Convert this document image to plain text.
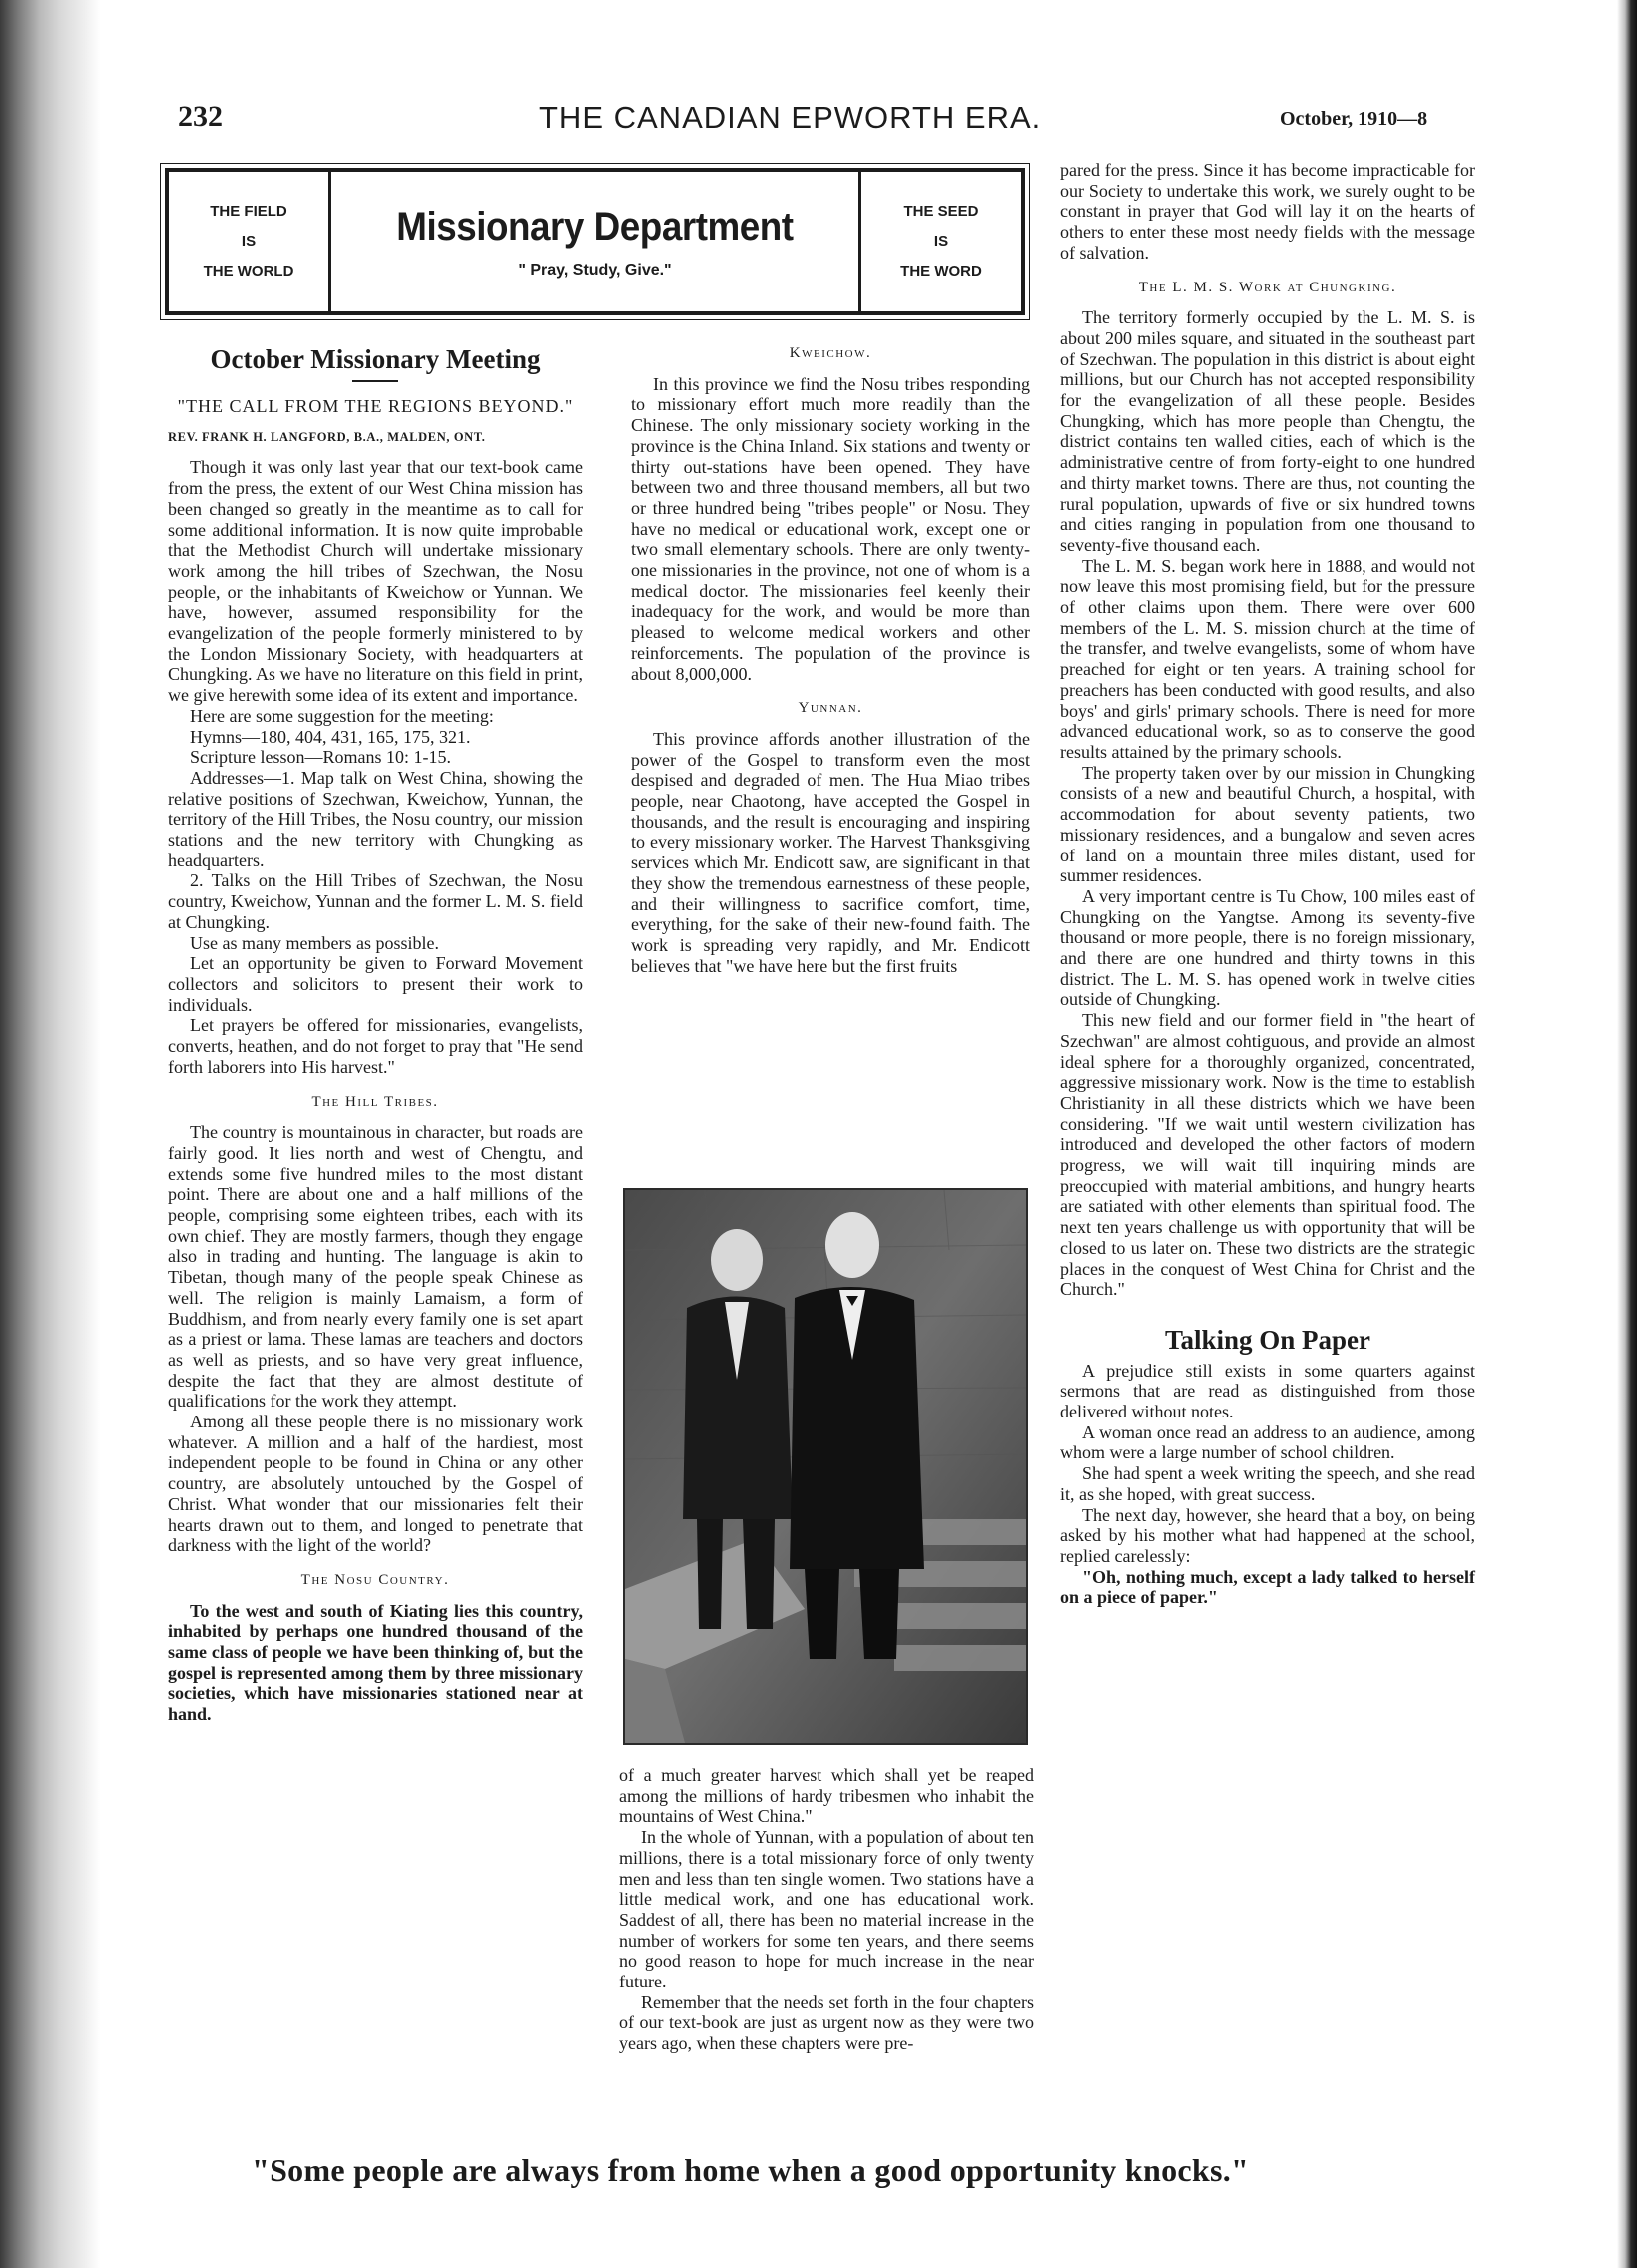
232	THE CANADIAN EPWORTH ERA.	October, 1910—8
THE FIELD
IS
THE WORLD
Missionary Department
" Pray, Study, Give."
THE SEED
IS
THE WORD
October Missionary Meeting
"THE CALL FROM THE REGIONS BEYOND."
REV. FRANK H. LANGFORD, B.A., MALDEN, ONT.

Though it was only last year that our text-book came from the press, the extent of our West China mission has been changed so greatly in the meantime as to call for some additional information. It is now quite improbable that the Methodist Church will undertake missionary work among the hill tribes of Szechwan, the Nosu people, or the inhabitants of Kweichow or Yunnan. We have, however, assumed responsibility for the evangelization of the people formerly ministered to by the London Missionary Society, with headquarters at Chungking. As we have no literature on this field in print, we give herewith some idea of its extent and importance.

Here are some suggestion for the meeting:

Hymns—180, 404, 431, 165, 175, 321.

Scripture lesson—Romans 10: 1-15.

Addresses—1. Map talk on West China, showing the relative positions of Szechwan, Kweichow, Yunnan, the territory of the Hill Tribes, the Nosu country, our mission stations and the new territory with Chungking as headquarters.

2. Talks on the Hill Tribes of Szechwan, the Nosu country, Kweichow, Yunnan and the former L. M. S. field at Chungking.

Use as many members as possible.

Let an opportunity be given to Forward Movement collectors and solicitors to present their work to individuals.

Let prayers be offered for missionaries, evangelists, converts, heathen, and do not forget to pray that "He send forth laborers into His harvest."

The Hill Tribes.

The country is mountainous in character, but roads are fairly good. It lies north and west of Chengtu, and extends some five hundred miles to the most distant point. There are about one and a half millions of the people, comprising some eighteen tribes, each with its own chief. They are mostly farmers, though they engage also in trading and hunting. The language is akin to Tibetan, though many of the people speak Chinese as well. The religion is mainly Lamaism, a form of Buddhism, and from nearly every family one is set apart as a priest or lama. These lamas are teachers and doctors as well as priests, and so have very great influence, despite the fact that they are almost destitute of qualifications for the work they attempt.

Among all these people there is no missionary work whatever. A million and a half of the hardiest, most independent people to be found in China or any other country, are absolutely untouched by the Gospel of Christ. What wonder that our missionaries felt their hearts drawn out to them, and longed to penetrate that darkness with the light of the world?

The Nosu Country.

To the west and south of Kiating lies this country, inhabited by perhaps one hundred thousand of the same class of people we have been thinking of, but the gospel is represented among them by three missionary societies, which have missionaries stationed near at hand.

Kweichow.

In this province we find the Nosu tribes responding to missionary effort much more readily than the Chinese. The only missionary society working in the province is the China Inland. Six stations and twenty or thirty out-stations have been opened. They have between two and three thousand members, all but two or three hundred being "tribes people" or Nosu. They have no medical or educational work, except one or two small elementary schools. There are only twenty-one missionaries in the province, not one of whom is a medical doctor. The missionaries feel keenly their inadequacy for the work, and would be more than pleased to welcome medical workers and other reinforcements. The population of the province is about 8,000,000.

Yunnan.

This province affords another illustration of the power of the Gospel to transform even the most despised and degraded of men. The Hua Miao tribes people, near Chaotong, have accepted the Gospel in thousands, and the result is encouraging and inspiring to every missionary worker. The Harvest Thanksgiving services which Mr. Endicott saw, are significant in that they show the tremendous earnestness of these people, and their willingness to sacrifice comfort, time, everything, for the sake of their new-found faith. The work is spreading very rapidly, and Mr. Endicott believes that "we have here but the first fruits

of a much greater harvest which shall yet be reaped among the millions of hardy tribesmen who inhabit the mountains of West China."

In the whole of Yunnan, with a population of about ten millions, there is a total missionary force of only twenty men and less than ten single women. Two stations have a little medical work, and one has educational work. Saddest of all, there has been no material increase in the number of workers for some ten years, and there seems no good reason to hope for much increase in the near future.

Remember that the needs set forth in the four chapters of our text-book are just as urgent now as they were two years ago, when these chapters were pre-

pared for the press. Since it has become impracticable for our Society to undertake this work, we surely ought to be constant in prayer that God will lay it on the hearts of others to enter these most needy fields with the message of salvation.

The L. M. S. Work at Chungking.

The territory formerly occupied by the L. M. S. is about 200 miles square, and situated in the southeast part of Szechwan. The population in this district is about eight millions, but our Church has not accepted responsibility for the evangelization of all these people. Besides Chungking, which has more people than Chengtu, the district contains ten walled cities, each of which is the administrative centre of from forty-eight to one hundred and thirty market towns. There are thus, not counting the rural population, upwards of five or six hundred towns and cities ranging in population from one thousand to seventy-five thousand each.

The L. M. S. began work here in 1888, and would not now leave this most promising field, but for the pressure of other claims upon them. There were over 600 members of the L. M. S. mission church at the time of the transfer, and twelve evangelists, some of whom have preached for eight or ten years. A training school for preachers has been conducted with good results, and also boys' and girls' primary schools. There is need for more advanced educational work, so as to conserve the good results attained by the primary schools.

The property taken over by our mission in Chungking consists of a new and beautiful Church, a hospital, with accommodation for about seventy patients, two missionary residences, and a bungalow and seven acres of land on a mountain three miles distant, used for summer residences.

A very important centre is Tu Chow, 100 miles east of Chungking on the Yangtse. Among its seventy-five thousand or more people, there is no foreign missionary, and there are one hundred and thirty towns in this district. The L. M. S. has opened work in twelve cities outside of Chungking.

This new field and our former field in "the heart of Szechwan" are almost cohtiguous, and provide an almost ideal sphere for a thoroughly organized, concentrated, aggressive missionary work. Now is the time to establish Christianity in all these districts which we have been considering. "If we wait until western civilization has introduced and developed the other factors of modern progress, we will wait till inquiring minds are preoccupied with material ambitions, and hungry hearts are satiated with other elements than spiritual food. The next ten years challenge us with opportunity that will be closed to us later on. These two districts are the strategic places in the conquest of West China for Christ and the Church."

Talking On Paper

A prejudice still exists in some quarters against sermons that are read as distinguished from those delivered without notes.

A woman once read an address to an audience, among whom were a large number of school children.

She had spent a week writing the speech, and she read it, as she hoped, with great success.

The next day, however, she heard that a boy, on being asked by his mother what had happened at the school, replied carelessly:

"Oh, nothing much, except a lady talked to herself on a piece of paper."

"Some people are always from home when a good opportunity knocks."
